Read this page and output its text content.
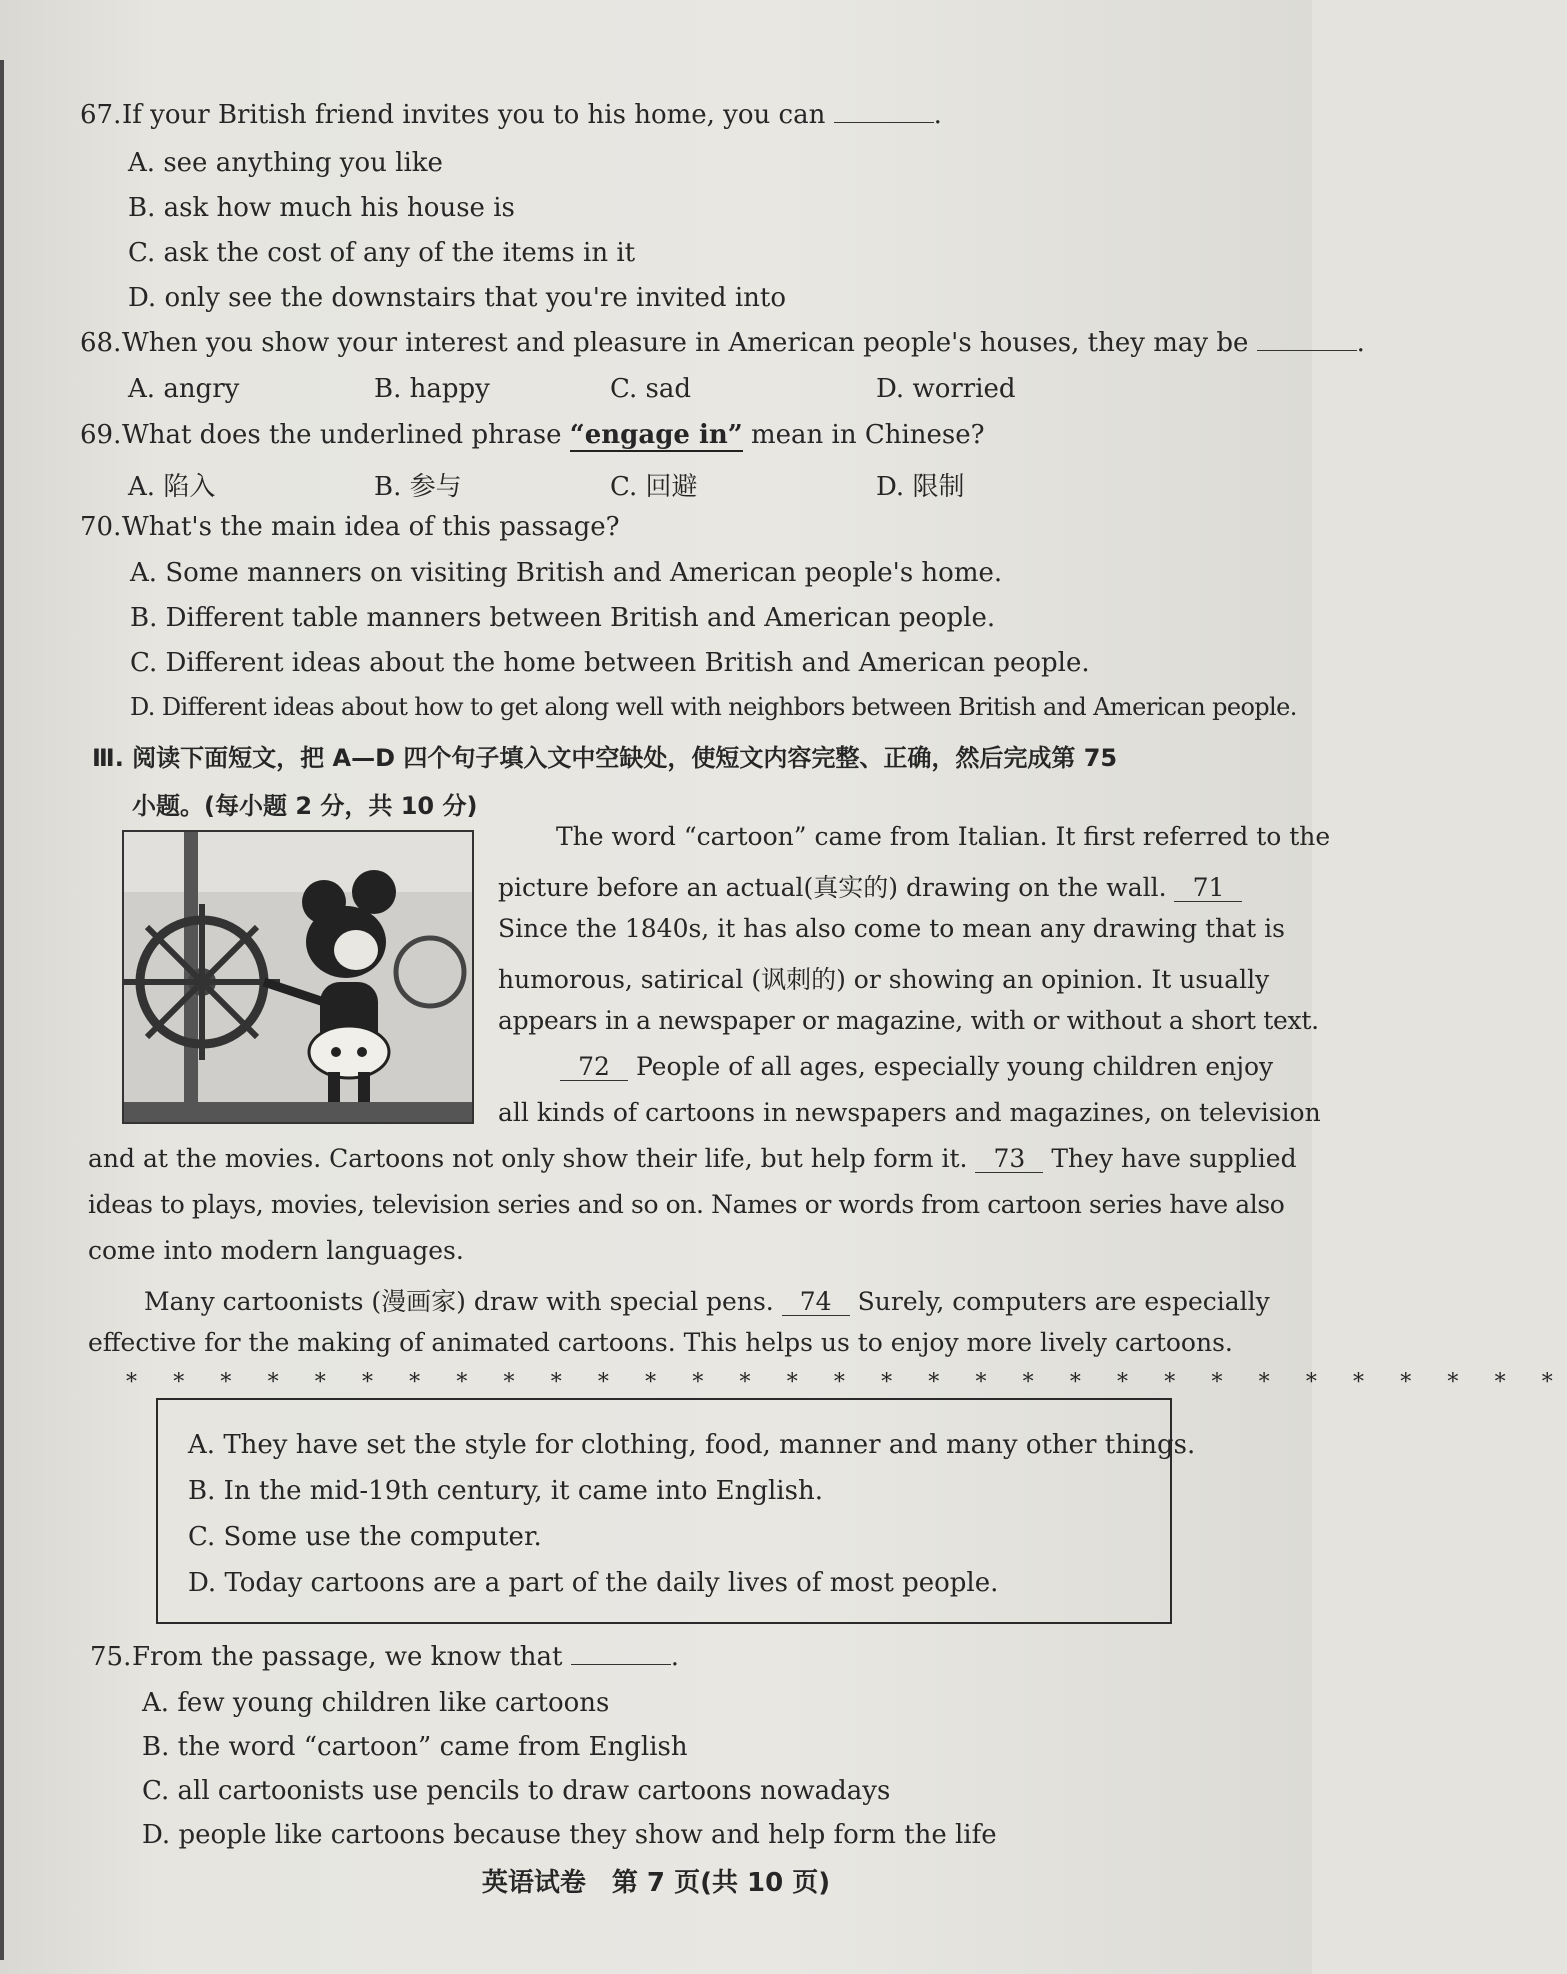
67.If your British friend invites you to his home, you can	.
A. see anything you like
B. ask how much his house is
C. ask the cost of any of the items in it
D. only see the downstairs that you're invited into
68.When you show your interest and pleasure in American people's houses, they may be	.
A. angry	B. happy	C. sad	D. worried
69.What does the underlined phrase “engage in” mean in Chinese?
A. 陷入	B. 参与	C. 回避	D. 限制
70.What's the main idea of this passage?
A. Some manners on visiting British and American people's home.
B. Different table manners between British and American people.
C. Different ideas about the home between British and American people.
D. Different ideas about how to get along well with neighbors between British and American people.
Ⅲ. 阅读下面短文，把 A—D 四个句子填入文中空缺处，使短文内容完整、正确，然后完成第 75
小题。(每小题 2 分，共 10 分)
The word “cartoon” came from Italian. It first referred to the
picture before an actual(真实的) drawing on the wall. 71
Since the 1840s, it has also come to mean any drawing that is
humorous, satirical (讽刺的) or showing an opinion. It usually
appears in a newspaper or magazine, with or without a short text.
72 People of all ages, especially young children enjoy
all kinds of cartoons in newspapers and magazines, on television
and at the movies. Cartoons not only show their life, but help form it. 73 They have supplied
ideas to plays, movies, television series and so on. Names or words from cartoon series have also
come into modern languages.
Many cartoonists (漫画家) draw with special pens. 74 Surely, computers are especially
effective for the making of animated cartoons. This helps us to enjoy more lively cartoons.
* * * * * * * * * * * * * * * * * * * * * * * * * * * * * * *
A. They have set the style for clothing, food, manner and many other things.
B. In the mid-19th century, it came into English.
C. Some use the computer.
D. Today cartoons are a part of the daily lives of most people.
75.From the passage, we know that	.
A. few young children like cartoons
B. the word “cartoon” came from English
C. all cartoonists use pencils to draw cartoons nowadays
D. people like cartoons because they show and help form the life
英语试卷　第 7 页(共 10 页)
